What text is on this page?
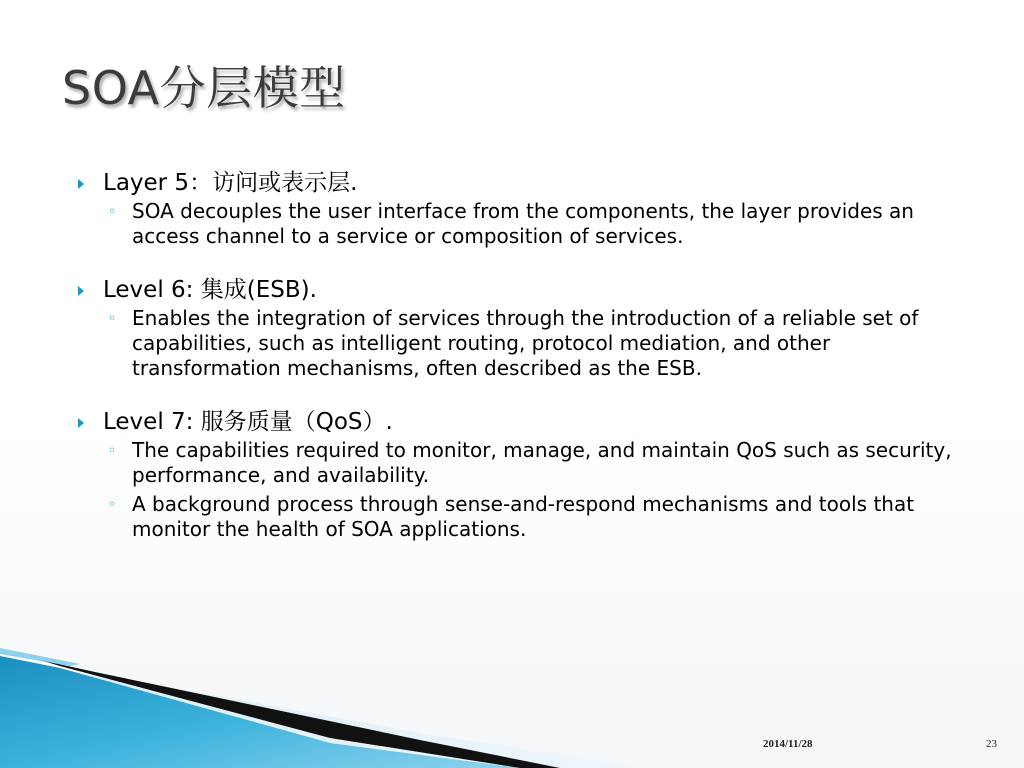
SOA分层模型

Layer 5：访问或表示层.

◦ SOA decouples the user interface from the components, the layer provides an access channel to a service or composition of services.

Level 6: 集成(ESB).

◦ Enables the integration of services through the introduction of a reliable set of capabilities, such as intelligent routing, protocol mediation, and other transformation mechanisms, often described as the ESB.

Level 7: 服务质量（QoS）.

◦ The capabilities required to monitor, manage, and maintain QoS such as security, performance, and availability.

◦ A background process through sense-and-respond mechanisms and tools that monitor the health of SOA applications.

2014/11/28	23
